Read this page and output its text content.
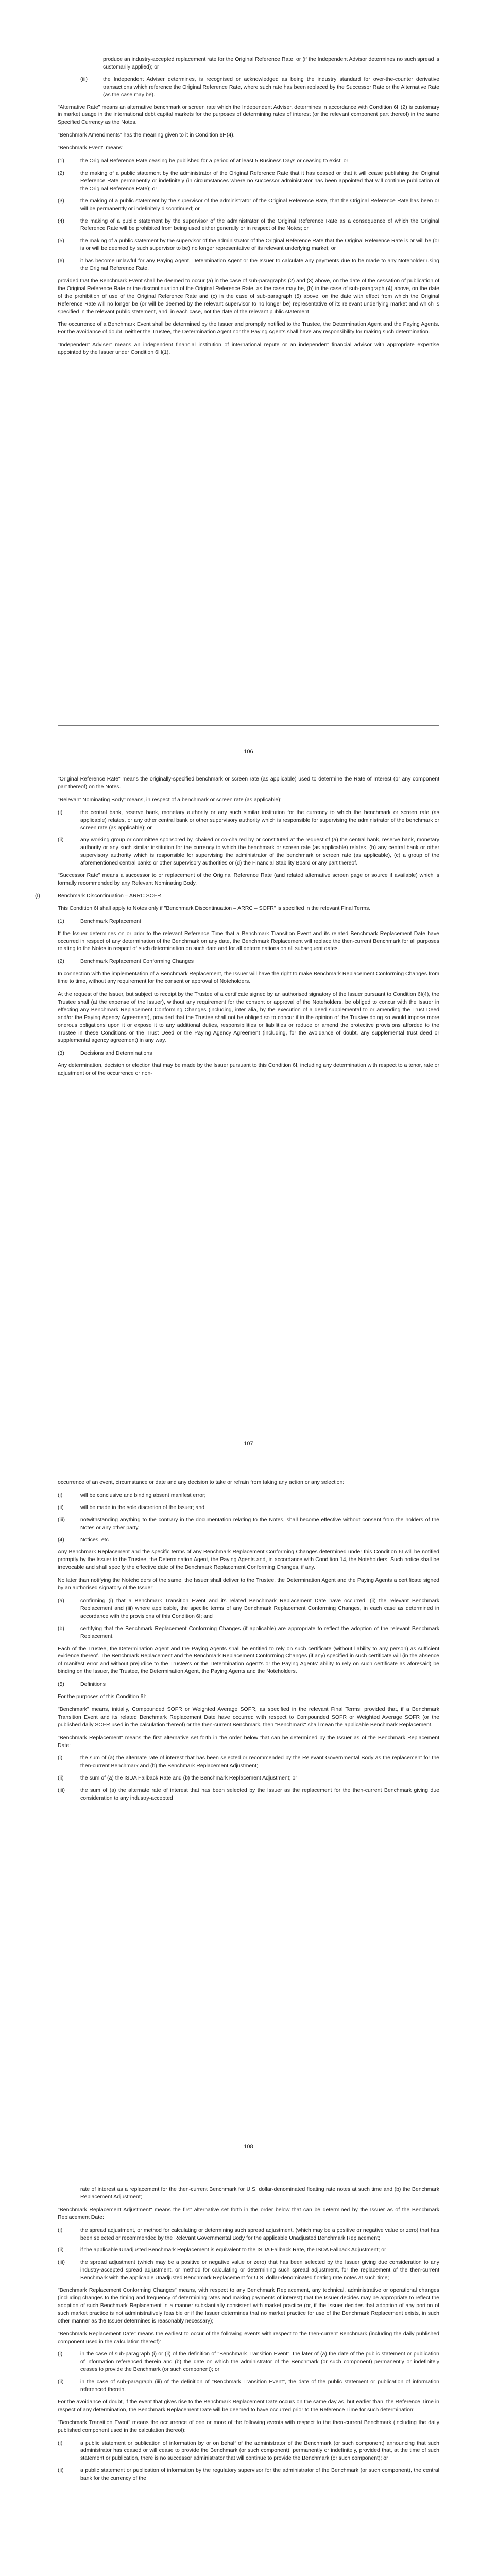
produce an industry-accepted replacement rate for the Original Reference Rate; or (if the Independent Advisor determines no such spread is customarily applied); or
(iii)	the Independent Adviser determines, is recognised or acknowledged as being the industry standard for over-the-counter derivative transactions which reference the Original Reference Rate, where such rate has been replaced by the Successor Rate or the Alternative Rate (as the case may be).

"Alternative Rate" means an alternative benchmark or screen rate which the Independent Adviser, determines in accordance with Condition 6H(2) is customary in market usage in the international debt capital markets for the purposes of determining rates of interest (or the relevant component part thereof) in the same Specified Currency as the Notes.

"Benchmark Amendments" has the meaning given to it in Condition 6H(4).

"Benchmark Event" means:

(1)	the Original Reference Rate ceasing be published for a period of at least 5 Business Days or ceasing to exist; or
(2)	the making of a public statement by the administrator of the Original Reference Rate that it has ceased or that it will cease publishing the Original Reference Rate permanently or indefinitely (in circumstances where no successor administrator has been appointed that will continue publication of the Original Reference Rate); or
(3)	the making of a public statement by the supervisor of the administrator of the Original Reference Rate, that the Original Reference Rate has been or will be permanently or indefinitely discontinued; or
(4)	the making of a public statement by the supervisor of the administrator of the Original Reference Rate as a consequence of which the Original Reference Rate will be prohibited from being used either generally or in respect of the Notes; or
(5)	the making of a public statement by the supervisor of the administrator of the Original Reference Rate that the Original Reference Rate is or will be (or is or will be deemed by such supervisor to be) no longer representative of its relevant underlying market; or
(6)	it has become unlawful for any Paying Agent, Determination Agent or the Issuer to calculate any payments due to be made to any Noteholder using the Original Reference Rate,

provided that the Benchmark Event shall be deemed to occur (a) in the case of sub-paragraphs (2) and (3) above, on the date of the cessation of publication of the Original Reference Rate or the discontinuation of the Original Reference Rate, as the case may be, (b) in the case of sub-paragraph (4) above, on the date of the prohibition of use of the Original Reference Rate and (c) in the case of sub-paragraph (5) above, on the date with effect from which the Original Reference Rate will no longer be (or will be deemed by the relevant supervisor to no longer be) representative of its relevant underlying market and which is specified in the relevant public statement, and, in each case, not the date of the relevant public statement.

The occurrence of a Benchmark Event shall be determined by the Issuer and promptly notified to the Trustee, the Determination Agent and the Paying Agents. For the avoidance of doubt, neither the Trustee, the Determination Agent nor the Paying Agents shall have any responsibility for making such determination.

"Independent Adviser" means an independent financial institution of international repute or an independent financial advisor with appropriate expertise appointed by the Issuer under Condition 6H(1).

106

"Original Reference Rate" means the originally-specified benchmark or screen rate (as applicable) used to determine the Rate of Interest (or any component part thereof) on the Notes.

"Relevant Nominating Body" means, in respect of a benchmark or screen rate (as applicable):

(i)	the central bank, reserve bank, monetary authority or any such similar institution for the currency to which the benchmark or screen rate (as applicable) relates, or any other central bank or other supervisory authority which is responsible for supervising the administrator of the benchmark or screen rate (as applicable); or
(ii)	any working group or committee sponsored by, chaired or co-chaired by or constituted at the request of (a) the central bank, reserve bank, monetary authority or any such similar institution for the currency to which the benchmark or screen rate (as applicable) relates, (b) any central bank or other supervisory authority which is responsible for supervising the administrator of the benchmark or screen rate (as applicable), (c) a group of the aforementioned central banks or other supervisory authorities or (d) the Financial Stability Board or any part thereof.

"Successor Rate" means a successor to or replacement of the Original Reference Rate (and related alternative screen page or source if available) which is formally recommended by any Relevant Nominating Body.

(I)	Benchmark Discontinuation – ARRC SOFR

This Condition 6I shall apply to Notes only if "Benchmark Discontinuation – ARRC – SOFR" is specified in the relevant Final Terms.

(1)	Benchmark Replacement

If the Issuer determines on or prior to the relevant Reference Time that a Benchmark Transition Event and its related Benchmark Replacement Date have occurred in respect of any determination of the Benchmark on any date, the Benchmark Replacement will replace the then-current Benchmark for all purposes relating to the Notes in respect of such determination on such date and for all determinations on all subsequent dates.

(2)	Benchmark Replacement Conforming Changes

In connection with the implementation of a Benchmark Replacement, the Issuer will have the right to make Benchmark Replacement Conforming Changes from time to time, without any requirement for the consent or approval of Noteholders.

At the request of the Issuer, but subject to receipt by the Trustee of a certificate signed by an authorised signatory of the Issuer pursuant to Condition 6I(4), the Trustee shall (at the expense of the Issuer), without any requirement for the consent or approval of the Noteholders, be obliged to concur with the Issuer in effecting any Benchmark Replacement Conforming Changes (including, inter alia, by the execution of a deed supplemental to or amending the Trust Deed and/or the Paying Agency Agreement), provided that the Trustee shall not be obliged so to concur if in the opinion of the Trustee doing so would impose more onerous obligations upon it or expose it to any additional duties, responsibilities or liabilities or reduce or amend the protective provisions afforded to the Trustee in these Conditions or the Trust Deed or the Paying Agency Agreement (including, for the avoidance of doubt, any supplemental trust deed or supplemental agency agreement) in any way.

(3)	Decisions and Determinations

Any determination, decision or election that may be made by the Issuer pursuant to this Condition 6I, including any determination with respect to a tenor, rate or adjustment or of the occurrence or non-

107

occurrence of an event, circumstance or date and any decision to take or refrain from taking any action or any selection:

(i)	will be conclusive and binding absent manifest error;
(ii)	will be made in the sole discretion of the Issuer; and
(iii)	notwithstanding anything to the contrary in the documentation relating to the Notes, shall become effective without consent from the holders of the Notes or any other party.
(4)	Notices, etc

Any Benchmark Replacement and the specific terms of any Benchmark Replacement Conforming Changes determined under this Condition 6I will be notified promptly by the Issuer to the Trustee, the Determination Agent, the Paying Agents and, in accordance with Condition 14, the Noteholders. Such notice shall be irrevocable and shall specify the effective date of the Benchmark Replacement Conforming Changes, if any.

No later than notifying the Noteholders of the same, the Issuer shall deliver to the Trustee, the Determination Agent and the Paying Agents a certificate signed by an authorised signatory of the Issuer:

(a)	confirming (i) that a Benchmark Transition Event and its related Benchmark Replacement Date have occurred, (ii) the relevant Benchmark Replacement and (iii) where applicable, the specific terms of any Benchmark Replacement Conforming Changes, in each case as determined in accordance with the provisions of this Condition 6I; and
(b)	certifying that the Benchmark Replacement Conforming Changes (if applicable) are appropriate to reflect the adoption of the relevant Benchmark Replacement.

Each of the Trustee, the Determination Agent and the Paying Agents shall be entitled to rely on such certificate (without liability to any person) as sufficient evidence thereof. The Benchmark Replacement and the Benchmark Replacement Conforming Changes (if any) specified in such certificate will (in the absence of manifest error and without prejudice to the Trustee's or the Determination Agent's or the Paying Agents' ability to rely on such certificate as aforesaid) be binding on the Issuer, the Trustee, the Determination Agent, the Paying Agents and the Noteholders.

(5)	Definitions

For the purposes of this Condition 6I:

"Benchmark" means, initially, Compounded SOFR or Weighted Average SOFR, as specified in the relevant Final Terms; provided that, if a Benchmark Transition Event and its related Benchmark Replacement Date have occurred with respect to Compounded SOFR or Weighted Average SOFR (or the published daily SOFR used in the calculation thereof) or the then-current Benchmark, then "Benchmark" shall mean the applicable Benchmark Replacement.

"Benchmark Replacement" means the first alternative set forth in the order below that can be determined by the Issuer as of the Benchmark Replacement Date:

(i)	the sum of (a) the alternate rate of interest that has been selected or recommended by the Relevant Governmental Body as the replacement for the then-current Benchmark and (b) the Benchmark Replacement Adjustment;
(ii)	the sum of (a) the ISDA Fallback Rate and (b) the Benchmark Replacement Adjustment; or
(iii)	the sum of (a) the alternate rate of interest that has been selected by the Issuer as the replacement for the then-current Benchmark giving due consideration to any industry-accepted
108

rate of interest as a replacement for the then-current Benchmark for U.S. dollar-denominated floating rate notes at such time and (b) the Benchmark Replacement Adjustment;

"Benchmark Replacement Adjustment" means the first alternative set forth in the order below that can be determined by the Issuer as of the Benchmark Replacement Date:

(i)	the spread adjustment, or method for calculating or determining such spread adjustment, (which may be a positive or negative value or zero) that has been selected or recommended by the Relevant Governmental Body for the applicable Unadjusted Benchmark Replacement;
(ii)	if the applicable Unadjusted Benchmark Replacement is equivalent to the ISDA Fallback Rate, the ISDA Fallback Adjustment; or
(iii)	the spread adjustment (which may be a positive or negative value or zero) that has been selected by the Issuer giving due consideration to any industry-accepted spread adjustment, or method for calculating or determining such spread adjustment, for the replacement of the then-current Benchmark with the applicable Unadjusted Benchmark Replacement for U.S. dollar-denominated floating rate notes at such time;

"Benchmark Replacement Conforming Changes" means, with respect to any Benchmark Replacement, any technical, administrative or operational changes (including changes to the timing and frequency of determining rates and making payments of interest) that the Issuer decides may be appropriate to reflect the adoption of such Benchmark Replacement in a manner substantially consistent with market practice (or, if the Issuer decides that adoption of any portion of such market practice is not administratively feasible or if the Issuer determines that no market practice for use of the Benchmark Replacement exists, in such other manner as the Issuer determines is reasonably necessary);

"Benchmark Replacement Date" means the earliest to occur of the following events with respect to the then-current Benchmark (including the daily published component used in the calculation thereof):

(i)	in the case of sub-paragraph (i) or (ii) of the definition of "Benchmark Transition Event", the later of (a) the date of the public statement or publication of information referenced therein and (b) the date on which the administrator of the Benchmark (or such component) permanently or indefinitely ceases to provide the Benchmark (or such component); or
(ii)	in the case of sub-paragraph (iii) of the definition of "Benchmark Transition Event", the date of the public statement or publication of information referenced therein.

For the avoidance of doubt, if the event that gives rise to the Benchmark Replacement Date occurs on the same day as, but earlier than, the Reference Time in respect of any determination, the Benchmark Replacement Date will be deemed to have occurred prior to the Reference Time for such determination;

"Benchmark Transition Event" means the occurrence of one or more of the following events with respect to the then-current Benchmark (including the daily published component used in the calculation thereof):

(i)	a public statement or publication of information by or on behalf of the administrator of the Benchmark (or such component) announcing that such administrator has ceased or will cease to provide the Benchmark (or such component), permanently or indefinitely, provided that, at the time of such statement or publication, there is no successor administrator that will continue to provide the Benchmark (or such component); or
(ii)	a public statement or publication of information by the regulatory supervisor for the administrator of the Benchmark (or such component), the central bank for the currency of the
